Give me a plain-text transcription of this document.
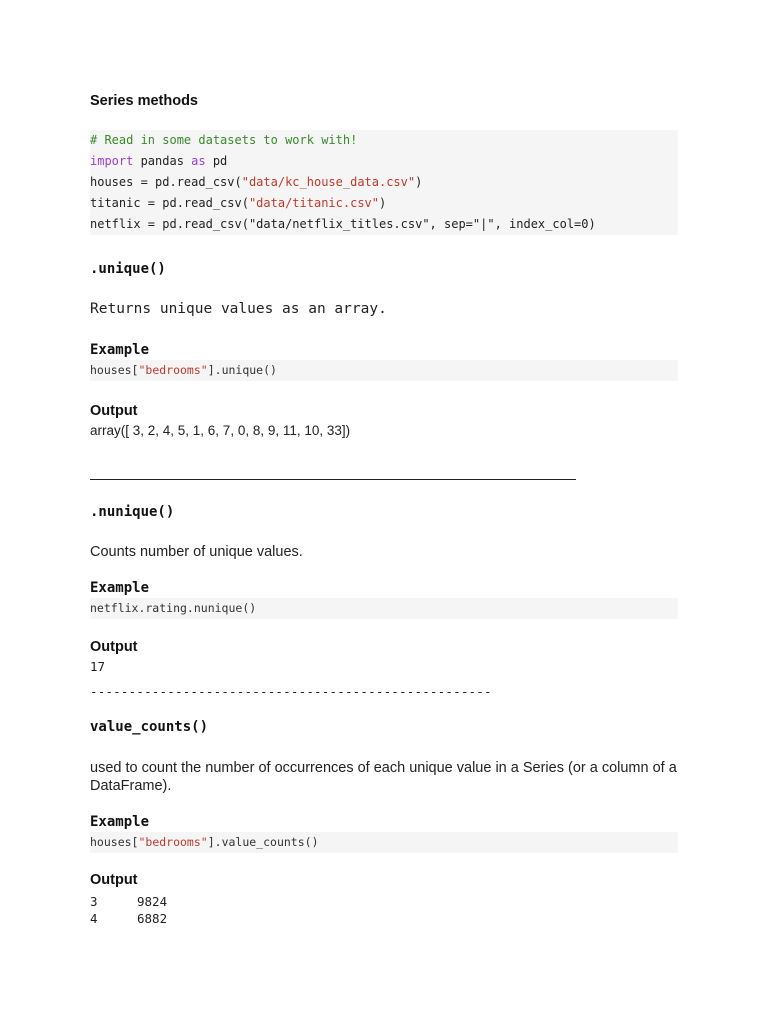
Series methods
# Read in some datasets to work with!
import pandas as pd
houses = pd.read_csv("data/kc_house_data.csv")
titanic = pd.read_csv("data/titanic.csv")
netflix = pd.read_csv("data/netflix_titles.csv", sep="|", index_col=0)
.unique()
Returns unique values as an array.
Example
houses["bedrooms"].unique()
Output
array([ 3, 2, 4, 5, 1, 6, 7, 0, 8, 9, 11, 10, 33])
.nunique()
Counts number of unique values.
Example
netflix.rating.nunique()
Output
17
----------------------------------------------------
value_counts()
used to count the number of occurrences of each unique value in a Series (or a column of a DataFrame).
Example
houses["bedrooms"].value_counts()
Output
3	9824
4	6882
